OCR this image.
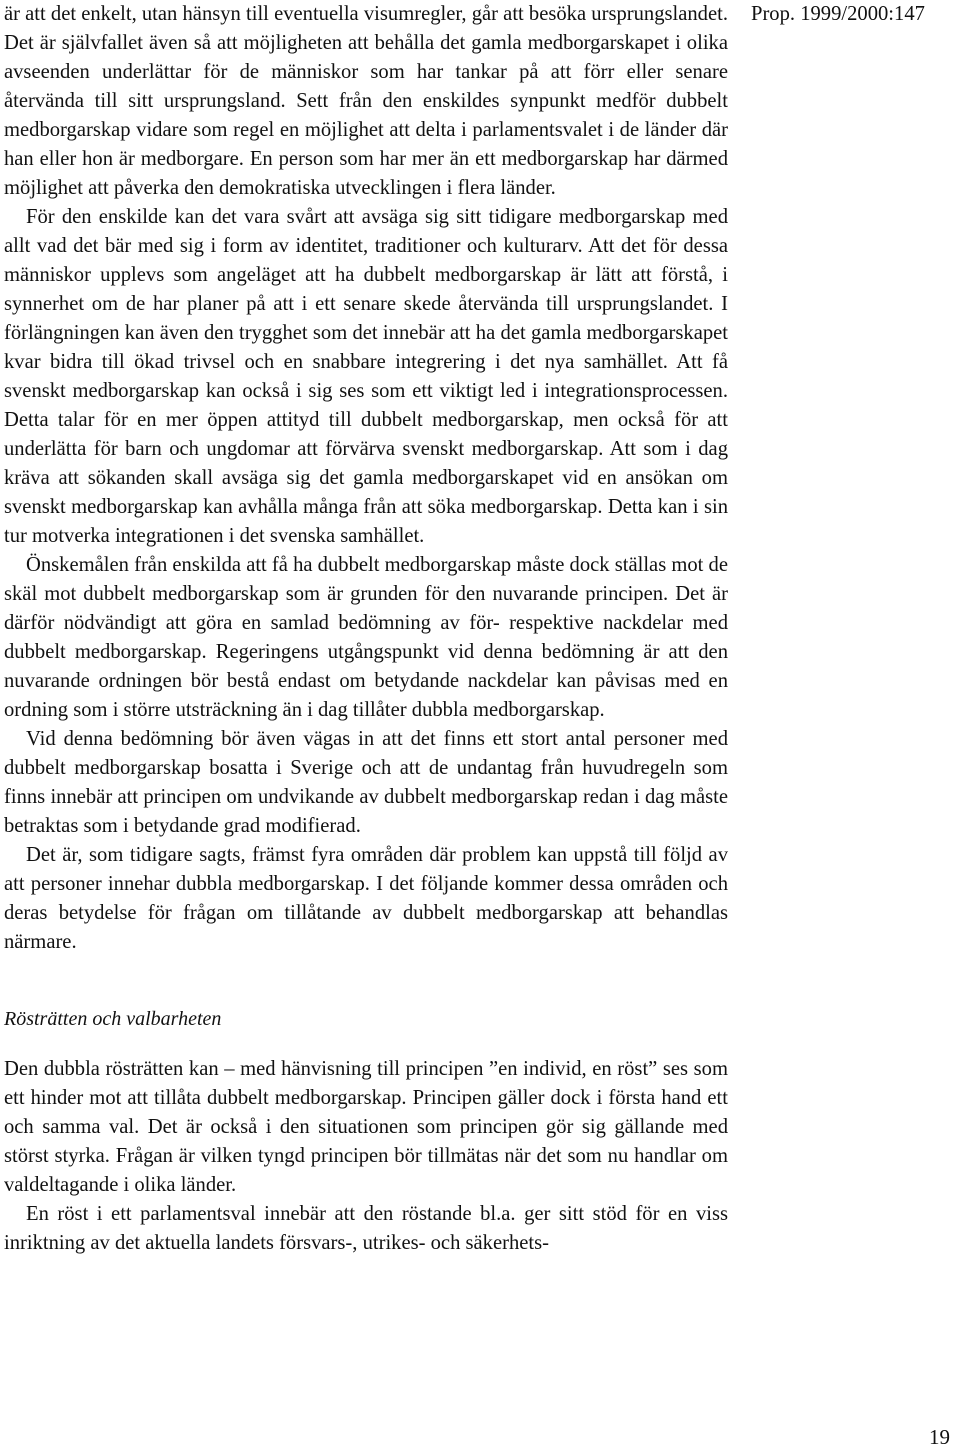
Prop. 1999/2000:147

är att det enkelt, utan hänsyn till eventuella visumregler, går att besöka ursprungslandet. Det är självfallet även så att möjligheten att behålla det gamla medborgarskapet i olika avseenden underlättar för de människor som har tankar på att förr eller senare återvända till sitt ursprungsland. Sett från den enskildes synpunkt medför dubbelt medborgarskap vidare som regel en möjlighet att delta i parlamentsvalet i de länder där han eller hon är medborgare. En person som har mer än ett medborgarskap har därmed möjlighet att påverka den demokratiska utvecklingen i flera länder.

För den enskilde kan det vara svårt att avsäga sig sitt tidigare medborgarskap med allt vad det bär med sig i form av identitet, traditioner och kulturarv. Att det för dessa människor upplevs som angeläget att ha dubbelt medborgarskap är lätt att förstå, i synnerhet om de har planer på att i ett senare skede återvända till ursprungslandet. I förlängningen kan även den trygghet som det innebär att ha det gamla medborgarskapet kvar bidra till ökad trivsel och en snabbare integrering i det nya samhället. Att få svenskt medborgarskap kan också i sig ses som ett viktigt led i integrationsprocessen. Detta talar för en mer öppen attityd till dubbelt medborgarskap, men också för att underlätta för barn och ungdomar att förvärva svenskt medborgarskap. Att som i dag kräva att sökanden skall avsäga sig det gamla medborgarskapet vid en ansökan om svenskt medborgarskap kan avhålla många från att söka medborgarskap. Detta kan i sin tur motverka integrationen i det svenska samhället.

Önskemålen från enskilda att få ha dubbelt medborgarskap måste dock ställas mot de skäl mot dubbelt medborgarskap som är grunden för den nuvarande principen. Det är därför nödvändigt att göra en samlad bedömning av för- respektive nackdelar med dubbelt medborgarskap. Regeringens utgångspunkt vid denna bedömning är att den nuvarande ordningen bör bestå endast om betydande nackdelar kan påvisas med en ordning som i större utsträckning än i dag tillåter dubbla medborgarskap.

Vid denna bedömning bör även vägas in att det finns ett stort antal personer med dubbelt medborgarskap bosatta i Sverige och att de undantag från huvudregeln som finns innebär att principen om undvikande av dubbelt medborgarskap redan i dag måste betraktas som i betydande grad modifierad.

Det är, som tidigare sagts, främst fyra områden där problem kan uppstå till följd av att personer innehar dubbla medborgarskap. I det följande kommer dessa områden och deras betydelse för frågan om tillåtande av dubbelt medborgarskap att behandlas närmare.

Rösträtten och valbarheten

Den dubbla rösträtten kan – med hänvisning till principen ”en individ, en röst” ses som ett hinder mot att tillåta dubbelt medborgarskap. Principen gäller dock i första hand ett och samma val. Det är också i den situationen som principen gör sig gällande med störst styrka. Frågan är vilken tyngd principen bör tillmätas när det som nu handlar om valdeltagande i olika länder.

En röst i ett parlamentsval innebär att den röstande bl.a. ger sitt stöd för en viss inriktning av det aktuella landets försvars-, utrikes- och säkerhets-

19
